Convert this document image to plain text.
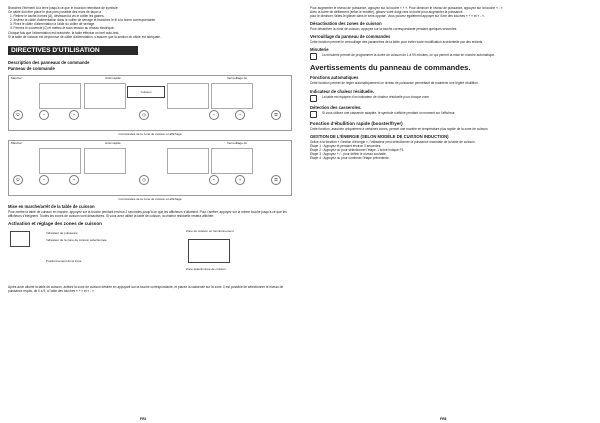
Branchez l'élément à la terre jusqu'à ce que le bourdon retentisse de symbole.

Ce câble doit être placé le plus près possible des murs de façon à

1. Retirez le cache-bornes (A), dévissant la vis le collier les gaines.

2. Insérez le câble d'alimentation dans le collier de serrage et branchez le fil à la borne correspondante.

3. Fixez le câble d'alimentation à l'aide du collier de serrage.

4. Fermez le couvercle (C) et mettez-le sous tension au réseau électrique.

Chaque fois que l'alimentation est branchée, la table effectue un bref auto-test.

Si la table de cuisson est dépourvue de câble d'alimentation, s'assurer que la section du câble est adéquate.

DIRECTIVES D'UTILISATION
Description des panneaux de commande
Panneau de commande
Marche/	Arrêt rapide	Verrouillage du
Cuisson
⏻	−	+	◷	−	+	⚿
Commandes de la zone de cuisson et affichage
Marche/	Arrêt rapide	Verrouillage du
⏻	−	+	◷	−	+	⚿
Commandes de la zone de cuisson et affichage
Mise en marche/arrêt de la table de cuisson

Pour mettre la table de cuisson en marche, appuyez sur la touche pendant environ 2 secondes jusqu'à ce que les afficheurs s'allument. Pour l'arrêter, appuyez sur la même touche jusqu'à ce que les afficheurs s'éteignent. Toutes les zones de cuisson sont désactivées. Si vous avez utilisé la table de cuisson, la chaleur résiduelle restera affichée.

Activation et réglage des zones de cuisson
Indicateur de puissance
Indicateur de la zone de cuisson sélectionnée
Positionnement de la zone
Zone de cuisson en fonctionnement
Zone sélectionnée de cuisson

Après avoir allumé la table de cuisson, activez la zone de cuisson désirée en appuyant sur la touche correspondante, et placez la casserole sur la zone. Il est possible de sélectionner le niveau de puissance requis, de 0 à 9, à l'aide des touches « + » et « - ».

FR2

Pour augmenter le niveau de puissance, appuyez sur la touche « + ». Pour diminuer le niveau de puissance, appuyez sur la touche « - ».

Avec la barre de défilement (selon le modèle), glissez votre doigt vers la droite pour augmenter la puissance.

pour le diminuer, faites-le glisser dans le sens opposé. Vous pouvez également appuyer sur l'une des touches « + » et « - ».

Désactivation des zones de cuisson

Pour désactiver la zone de cuisson, appuyez sur la touche correspondante pendant quelques secondes.

Verrouillage du panneau de commandes

Cette fonction permet le verrouillage des paramètres de la table pour éviter toute modification accidentelle par des enfants.

Minuterie

La minuterie permet de programmer la durée de cuisson de 1 à 99 minutes, ce qui permet la mise en marche automatique.

Avertissements du panneau de commandes.
Fonctions automatiques

Cette fonction permet de régler automatiquement un niveau de puissance permettant de maintenir une légère ébullition.

Indicateur de chaleur résiduelle.

La table est équipée d'un indicateur de chaleur résiduelle pour chaque zone.

Détection des casseroles.

Si vous utilisez une casserole adaptée, le symbole s'affiche pendant un moment sur l'afficheur.

Fonction d'ébullition rapide (booster/fryer)

Cette fonction, associée uniquement à certaines zones, permet une montée en température plus rapide de la zone de cuisson.

GESTION DE L'ÉNERGIE (SELON MODÈLE DE CUISSON INDUCTION)

Grâce à la fonction « Gestion d'énergie », l'utilisateur peut sélectionner la puissance maximale de la table de cuisson.

Étape 1 : Appuyez et pendant environ 3 secondes.

Étape 2 : Appuyez ou pour sélectionner l'étape. L'icône indique P1.

Étape 3 : Appuyez + / - pour définir le niveau souhaité.

Étape 4 : Appuyez ou pour confirmer l'étape précédente.

FR8
